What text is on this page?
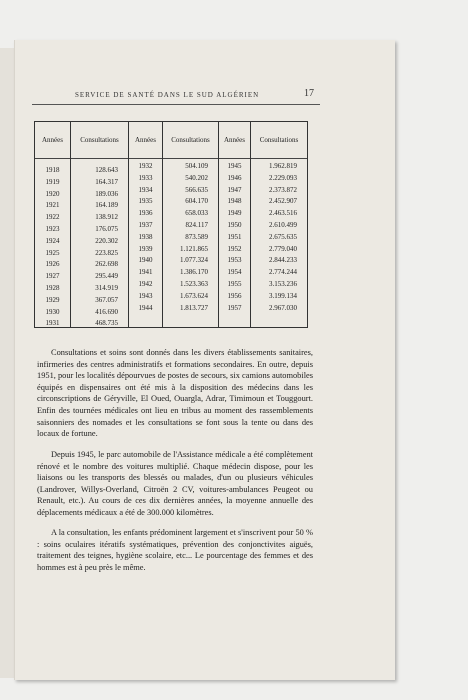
SERVICE DE SANTÉ DANS LE SUD ALGÉRIEN	17
Années
1918
1919
1920
1921
1922
1923
1924
1925
1926
1927
1928
1929
1930
1931
Consultations
128.643
164.317
189.036
164.189
138.912
176.075
220.302
223.825
262.698
295.449
314.919
367.057
416.690
468.735
Années
1932
1933
1934
1935
1936
1937
1938
1939
1940
1941
1942
1943
1944
Consultations
504.109
540.202
566.635
604.170
658.033
824.117
873.589
1.121.865
1.077.324
1.386.170
1.523.363
1.673.624
1.813.727
Années
1945
1946
1947
1948
1949
1950
1951
1952
1953
1954
1955
1956
1957
Consultations
1.962.819
2.229.093
2.373.872
2.452.907
2.463.516
2.610.499
2.675.635
2.779.040
2.844.233
2.774.244
3.153.236
3.199.134
2.967.030

Consultations et soins sont donnés dans les divers établissements sanitaires, infirmeries des centres administratifs et formations secondaires. En outre, depuis 1951, pour les localités dépourvues de postes de secours, six camions automobiles équipés en dispensaires ont été mis à la disposition des médecins dans les circonscriptions de Géryville, El Oued, Ouargla, Adrar, Timimoun et Touggourt. Enfin des tournées médicales ont lieu en tribus au moment des rassemblements saisonniers des nomades et les consultations se font sous la tente ou dans des locaux de fortune.

Depuis 1945, le parc automobile de l'Assistance médicale a été complètement rénové et le nombre des voitures multiplié. Chaque médecin dispose, pour les liaisons ou les transports des blessés ou malades, d'un ou plusieurs véhicules (Landrover, Willys-Overland, Citroën 2 CV, voitures-ambulances Peugeot ou Renault, etc.). Au cours de ces dix dernières années, la moyenne annuelle des déplacements médicaux a été de 300.000 kilomètres.

A la consultation, les enfants prédominent largement et s'inscrivent pour 50 % : soins oculaires itératifs systématiques, prévention des conjonctivites aiguës, traitement des teignes, hygiène scolaire, etc... Le pourcentage des femmes et des hommes est à peu près le même.
